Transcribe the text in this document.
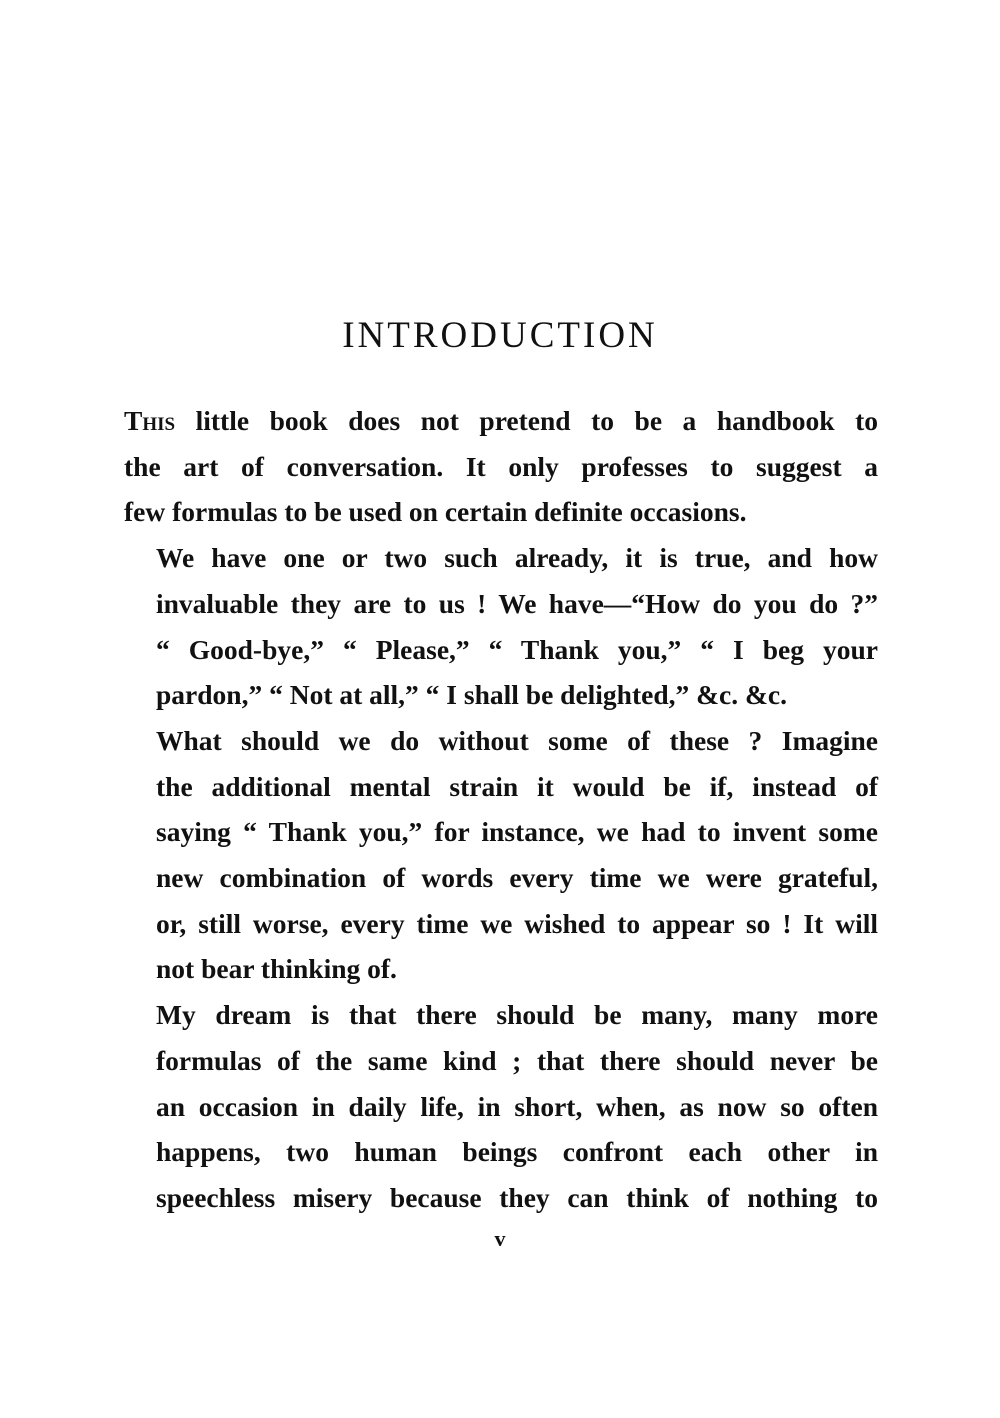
INTRODUCTION

This little book does not pretend to be a handbook to
the art of conversation. It only professes to suggest a
few formulas to be used on certain definite occasions.

We have one or two such already, it is true, and how
invaluable they are to us ! We have—“How do you do ?”
“ Good-bye,” “ Please,” “ Thank you,” “ I beg your
pardon,” “ Not at all,” “ I shall be delighted,” &c. &c.

What should we do without some of these ? Imagine
the additional mental strain it would be if, instead of
saying “ Thank you,” for instance, we had to invent some
new combination of words every time we were grateful,
or, still worse, every time we wished to appear so ! It will
not bear thinking of.

My dream is that there should be many, many more
formulas of the same kind ; that there should never be
an occasion in daily life, in short, when, as now so often
happens, two human beings confront each other in
speechless misery because they can think of nothing to

v
